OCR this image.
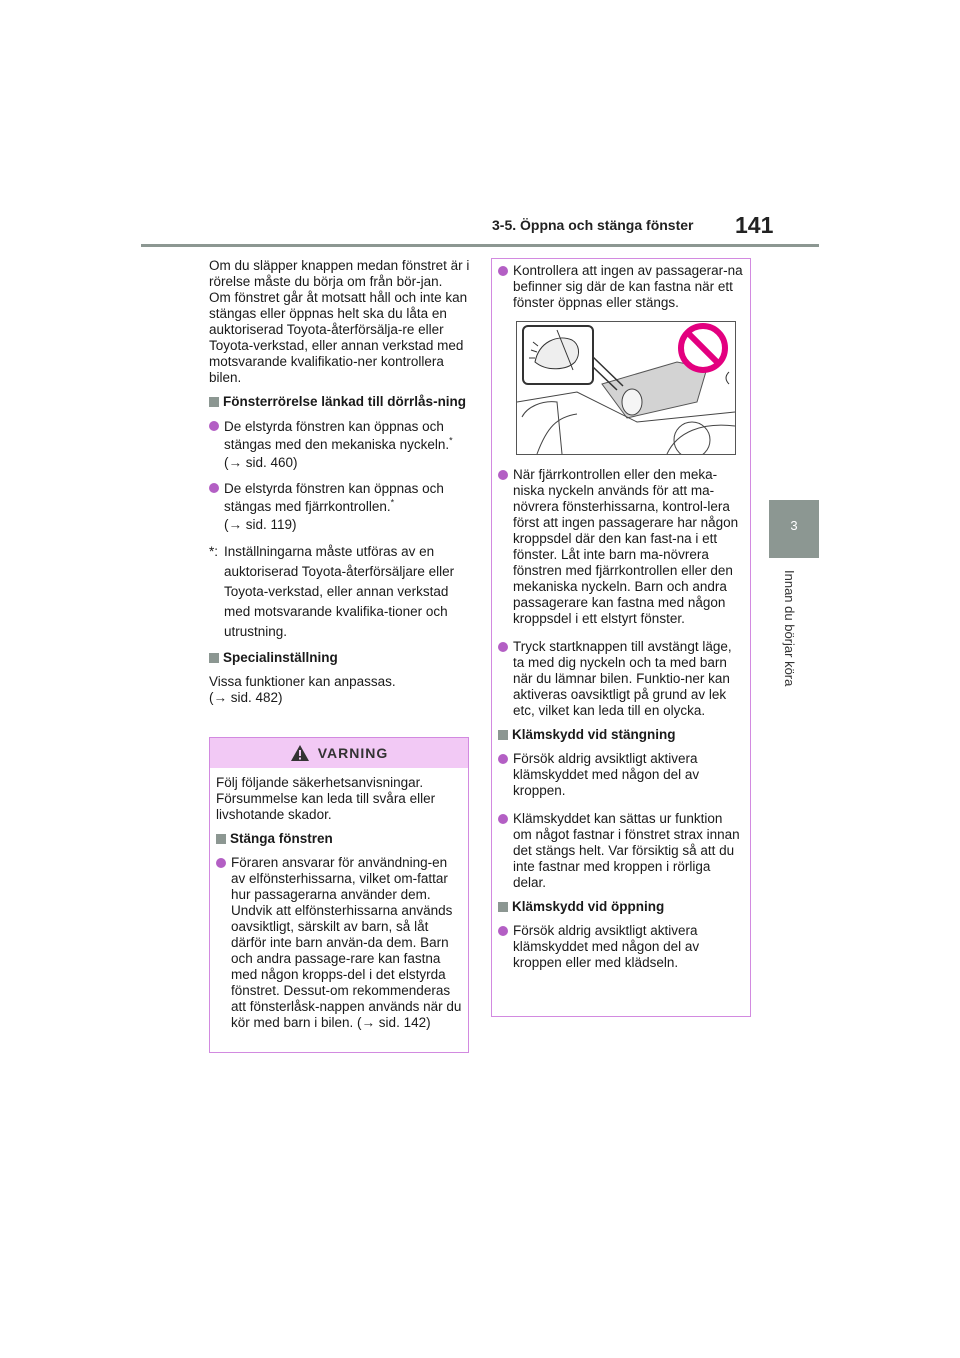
3-5. Öppna och stänga fönster 141
3
Innan du börjar köra

Om du släpper knappen medan fönstret är i rörelse måste du börja om från bör-jan.

Om fönstret går åt motsatt håll och inte kan stängas eller öppnas helt ska du låta en auktoriserad Toyota-återförsälja-re eller Toyota-verkstad, eller annan verkstad med motsvarande kvalifikatio-ner kontrollera bilen.

Fönsterrörelse länkad till dörrlås-ning
De elstyrda fönstren kan öppnas och stängas med den mekaniska nyckeln.*
(→ sid. 460)
De elstyrda fönstren kan öppnas och stängas med fjärrkontrollen.*
(→ sid. 119)
*: Inställningarna måste utföras av en auktoriserad Toyota-återförsäljare eller Toyota-verkstad, eller annan verkstad med motsvarande kvalifika-tioner och utrustning.
Specialinställning

Vissa funktioner kan anpassas.

(→ sid. 482)

VARNING

Följ följande säkerhetsanvisningar. Försummelse kan leda till svåra eller livshotande skador.

Stänga fönstren
Föraren ansvarar för användning-en av elfönsterhissarna, vilket om-fattar hur passagerarna använder dem. Undvik att elfönsterhissarna används oavsiktligt, särskilt av barn, så låt därför inte barn använ-da dem. Barn och andra passage-rare kan fastna med någon kropps-del i det elstyrda fönstret. Dessut-om rekommenderas att fönsterlåsk-nappen används när du kör med barn i bilen. (→ sid. 142)
Kontrollera att ingen av passagerar-na befinner sig där de kan fastna när ett fönster öppnas eller stängs.
När fjärrkontrollen eller den meka-niska nyckeln används för att ma-növrera fönsterhissarna, kontrol-lera först att ingen passagerare har någon kroppsdel där den kan fast-na i ett fönster. Låt inte barn ma-növrera fönstren med fjärrkontrollen eller den mekaniska nyckeln. Barn och andra passagerare kan fastna med någon kroppsdel i ett elstyrt fönster.
Tryck startknappen till avstängt läge, ta med dig nyckeln och ta med barn när du lämnar bilen. Funktio-ner kan aktiveras oavsiktligt på grund av lek etc, vilket kan leda till en olycka.
Klämskydd vid stängning
Försök aldrig avsiktligt aktivera klämskyddet med någon del av kroppen.
Klämskyddet kan sättas ur funktion om något fastnar i fönstret strax innan det stängs helt. Var försiktig så att du inte fastnar med kroppen i rörliga delar.
Klämskydd vid öppning
Försök aldrig avsiktligt aktivera klämskyddet med någon del av kroppen eller med klädseln.
